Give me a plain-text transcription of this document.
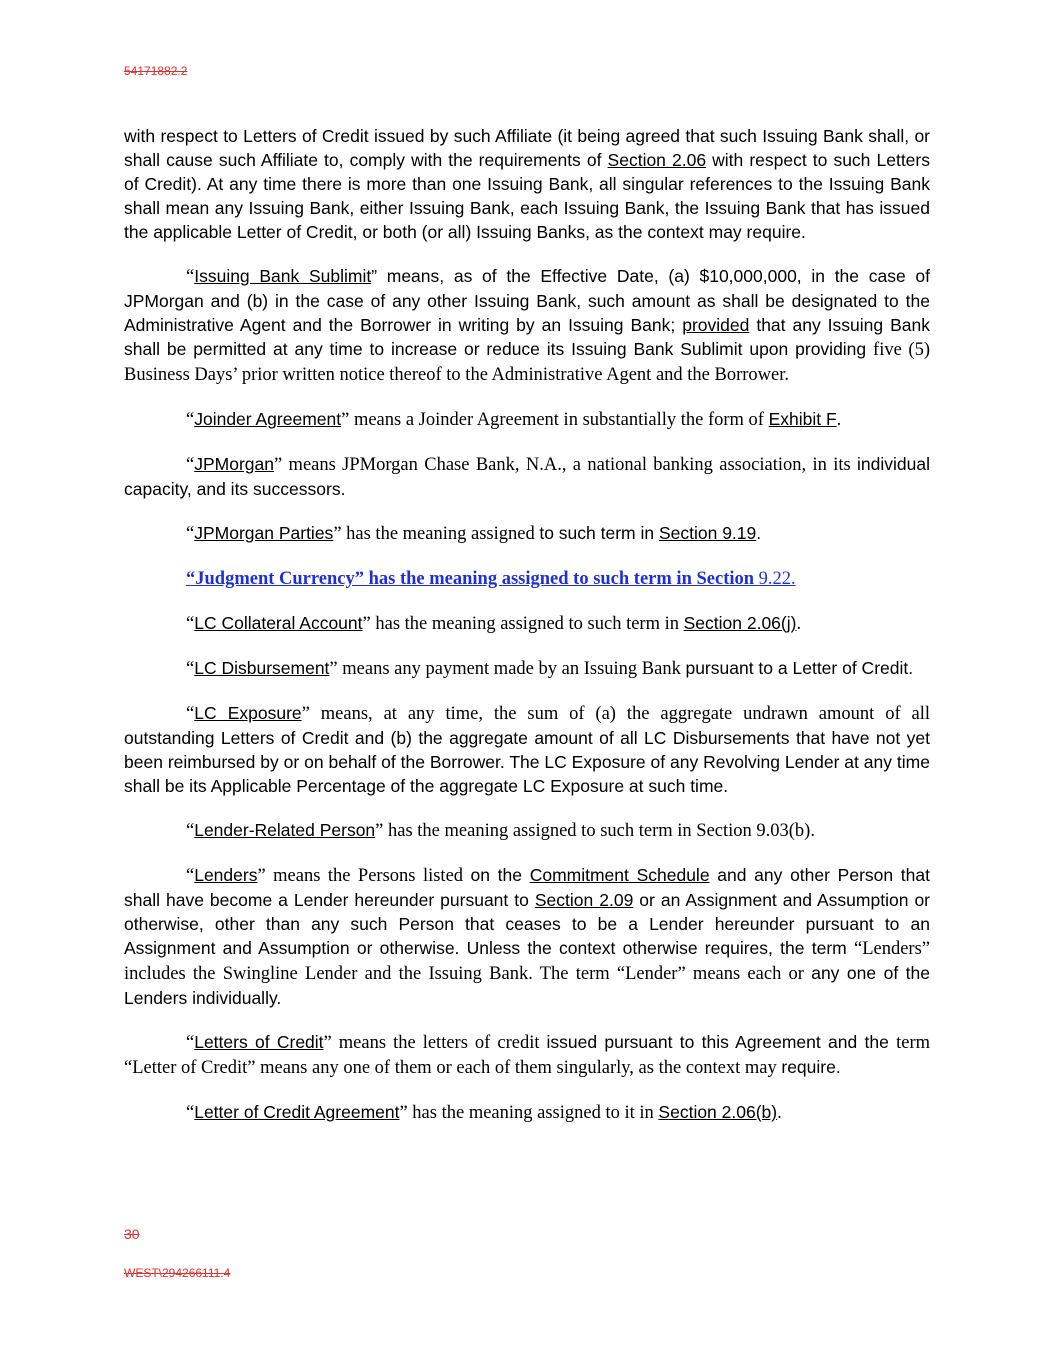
54171882.2

with respect to Letters of Credit issued by such Affiliate (it being agreed that such Issuing Bank shall, or shall cause such Affiliate to, comply with the requirements of Section 2.06 with respect to such Letters of Credit). At any time there is more than one Issuing Bank, all singular references to the Issuing Bank shall mean any Issuing Bank, either Issuing Bank, each Issuing Bank, the Issuing Bank that has issued the applicable Letter of Credit, or both (or all) Issuing Banks, as the context may require.

“Issuing Bank Sublimit” means, as of the Effective Date, (a) $10,000,000, in the case of JPMorgan and (b) in the case of any other Issuing Bank, such amount as shall be designated to the Administrative Agent and the Borrower in writing by an Issuing Bank; provided that any Issuing Bank shall be permitted at any time to increase or reduce its Issuing Bank Sublimit upon providing five (5) Business Days’ prior written notice thereof to the Administrative Agent and the Borrower.

“Joinder Agreement” means a Joinder Agreement in substantially the form of Exhibit F.

“JPMorgan” means JPMorgan Chase Bank, N.A., a national banking association, in its individual capacity, and its successors.

“JPMorgan Parties” has the meaning assigned to such term in Section 9.19.

“Judgment Currency” has the meaning assigned to such term in Section 9.22.

“LC Collateral Account” has the meaning assigned to such term in Section 2.06(j).

“LC Disbursement” means any payment made by an Issuing Bank pursuant to a Letter of Credit.

“LC Exposure” means, at any time, the sum of (a) the aggregate undrawn amount of all outstanding Letters of Credit and (b) the aggregate amount of all LC Disbursements that have not yet been reimbursed by or on behalf of the Borrower. The LC Exposure of any Revolving Lender at any time shall be its Applicable Percentage of the aggregate LC Exposure at such time.

“Lender-Related Person” has the meaning assigned to such term in Section 9.03(b).

“Lenders” means the Persons listed on the Commitment Schedule and any other Person that shall have become a Lender hereunder pursuant to Section 2.09 or an Assignment and Assumption or otherwise, other than any such Person that ceases to be a Lender hereunder pursuant to an Assignment and Assumption or otherwise. Unless the context otherwise requires, the term “Lenders” includes the Swingline Lender and the Issuing Bank. The term “Lender” means each or any one of the Lenders individually.

“Letters of Credit” means the letters of credit issued pursuant to this Agreement and the term “Letter of Credit” means any one of them or each of them singularly, as the context may require.

“Letter of Credit Agreement” has the meaning assigned to it in Section 2.06(b).

30
WEST\294266111.4
